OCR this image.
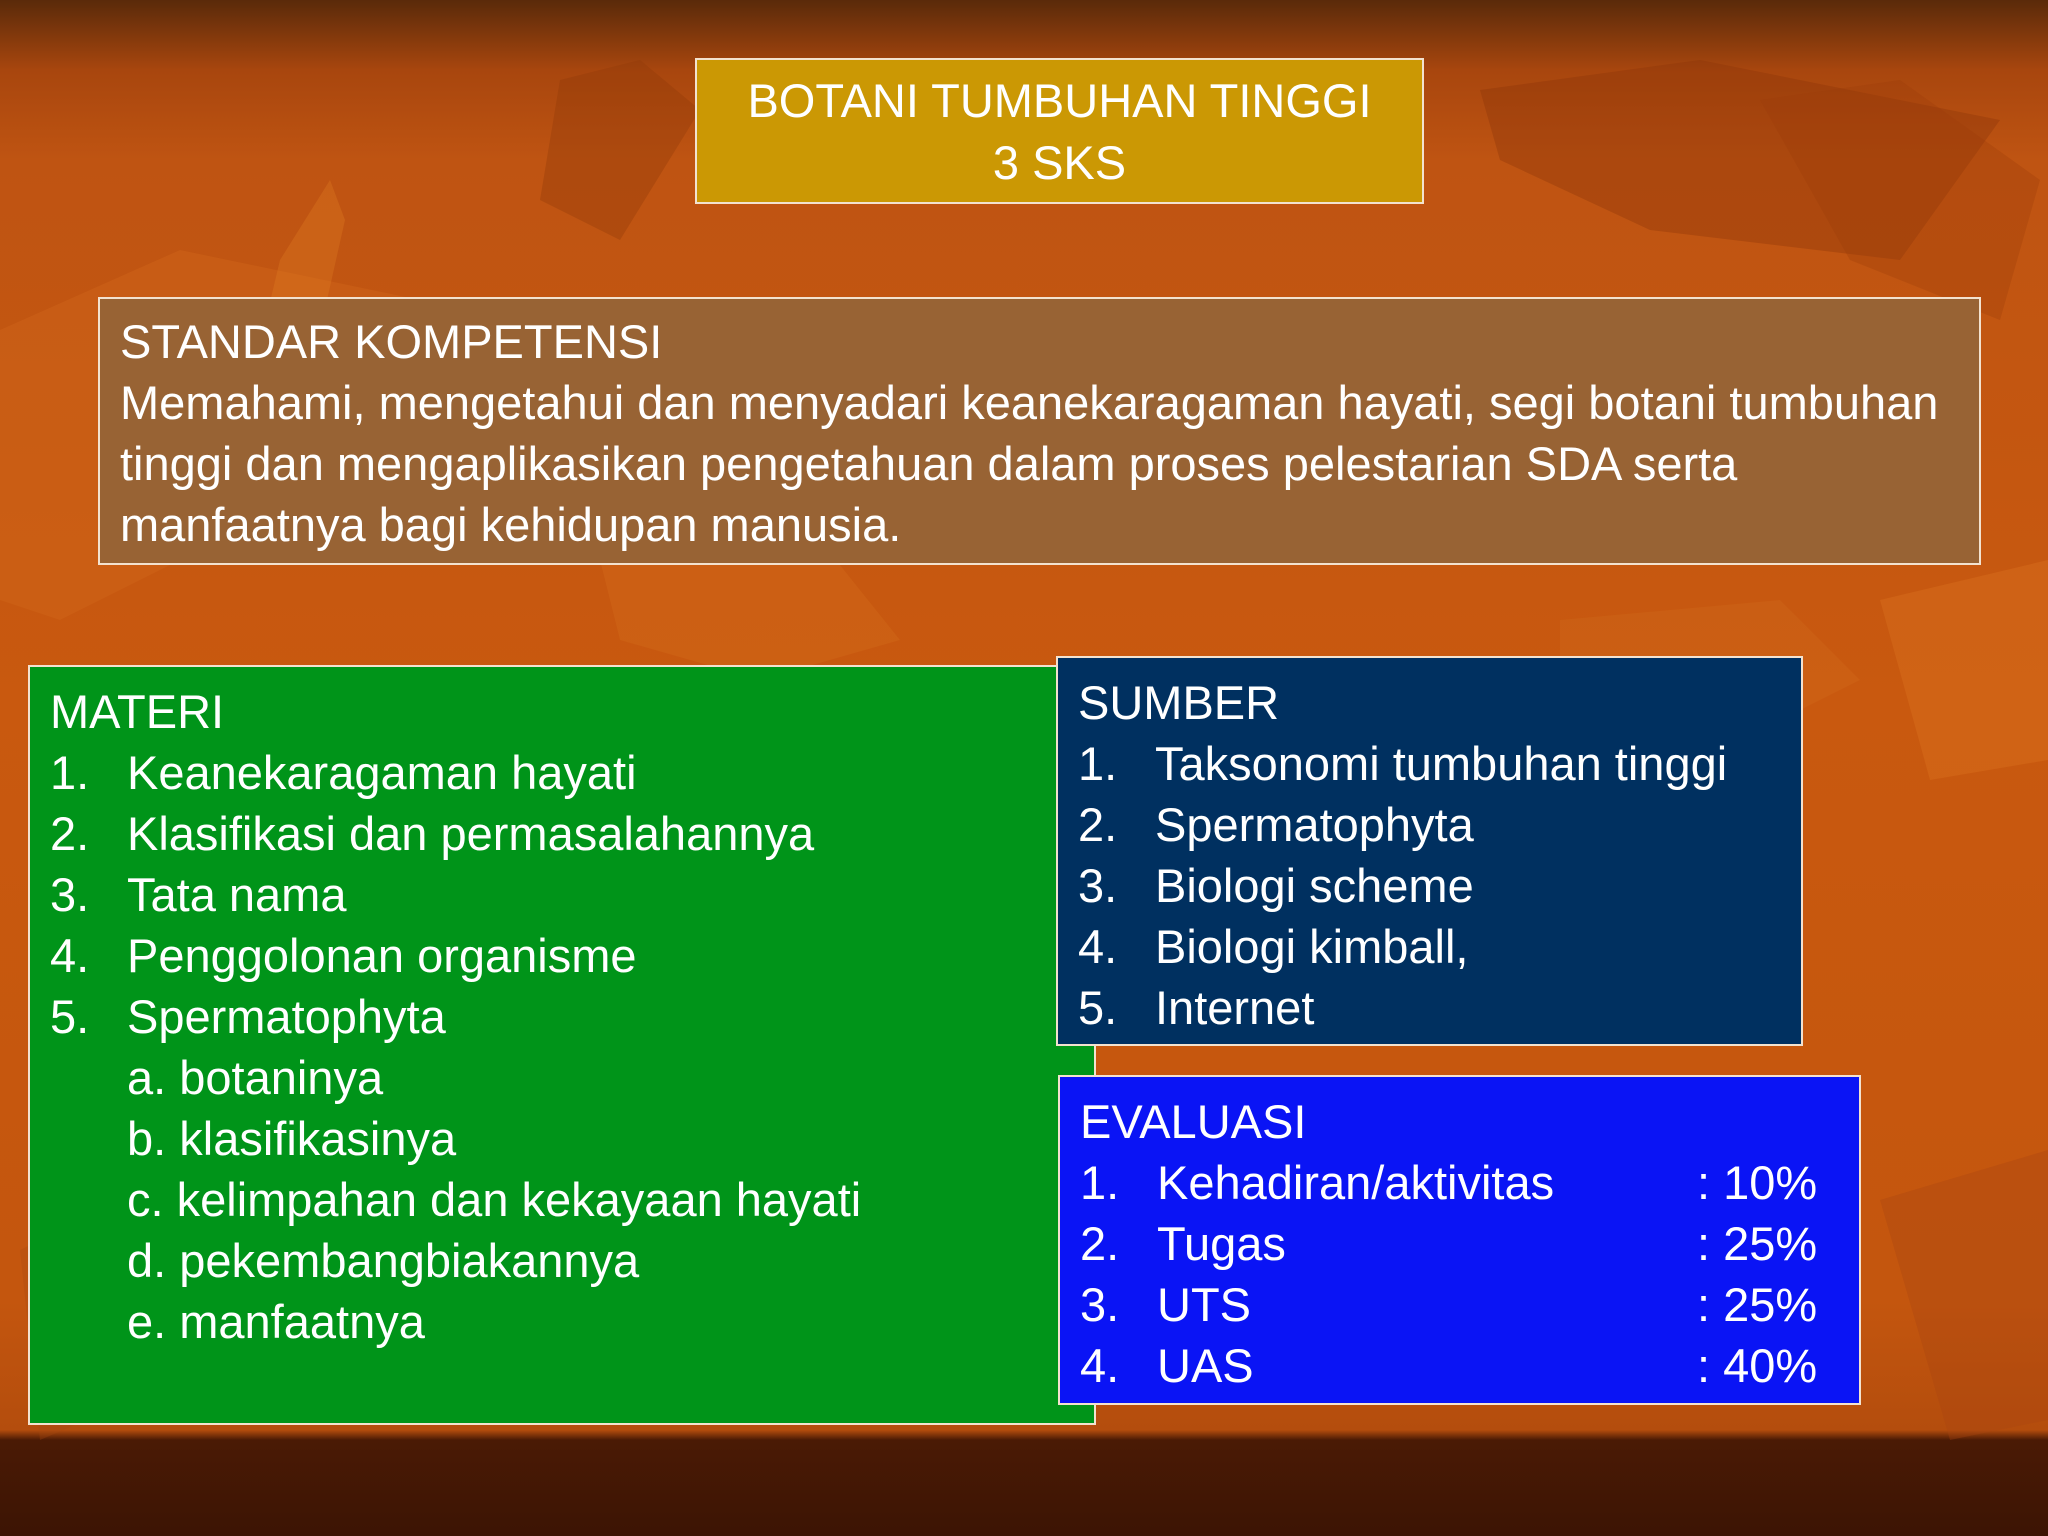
BOTANI TUMBUHAN TINGGI
3 SKS
STANDAR KOMPETENSI
Memahami, mengetahui dan menyadari keanekaragaman hayati, segi botani tumbuhan tinggi dan mengaplikasikan pengetahuan dalam proses pelestarian SDA serta manfaatnya bagi kehidupan manusia.
MATERI
1. Keanekaragaman hayati
2. Klasifikasi dan permasalahannya
3. Tata nama
4. Penggolonan organisme
5. Spermatophyta
a. botaninya
b. klasifikasinya
c. kelimpahan dan kekayaan hayati
d. pekembangbiakannya
e. manfaatnya
SUMBER
1. Taksonomi tumbuhan tinggi
2. Spermatophyta
3. Biologi scheme
4. Biologi kimball,
5. Internet
EVALUASI
1. Kehadiran/aktivitas	: 10%
2. Tugas	: 25%
3. UTS	: 25%
4. UAS	: 40%
